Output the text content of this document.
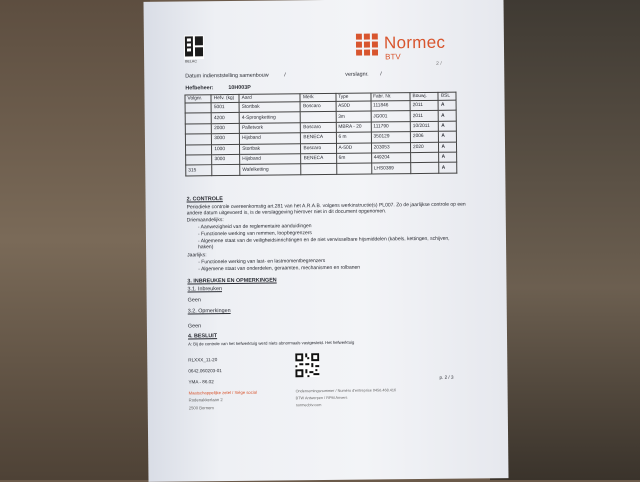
BELAC
Normec
BTV
2 /
Datum indienststelling samenbouw	/	verslagnr. /
Hefbeheer:	10H003P
Volgnr.	Hefv. (kg)	Aard	Merk	Type	Fabr. Nr.	Bouwj.	BSL
	5001	Stortbak	Boscaro	A50D	111846	2011	A
	4200	4-Sprongketting		3m	JG001	2011	A
	2000	Palletvork	Boscaro	MBRA - 20	111790	10/2011	A
	3000	Hijsband	BENECA	6 m	350129	2006	A
	1000	Stortbak	Boscaro	A-50D	203053	2020	A
	3000	Hijsband	BENECA	6m	449204		A
315		Wafelketting			LHS0389		A
2. CONTROLE
Periodieke controle overeenkomstig art.281 van het A.R.A.B. volgens werkinstructie(s) PL007. Zo de jaarlijkse controle op een andere datum uitgevoerd is, is de verslaggeving hierover niet in dit document opgenomen.
Driemaandelijks:
- Aanwezigheid van de reglementaire aanduidingen
- Functionele werking van remmen, loopbegrenzers
- Algemene staat van de veiligheidsinrichtingen en de niet verwisselbare hijsmiddelen (kabels, kettingen, schijven, haken)
Jaarlijks:
- Functionele werking van last- en lastmomentbegrenzers
- Algemene staat van onderdelen, geraamten, mechanismen en rolbanen
3. INBREUKEN EN OPMERKINGEN
3.1. Inbreuken
Geen
3.2. Opmerkingen
Geen
4. BESLUIT
A: Bij de controle van het hefwerktuig werd niets abnormaals vastgesteld. Het hefwerktuig
RLXXX_11-20
0642.060203-01
YMA - 86.02
p. 2 / 3
Maatschappelijke zetel / Siège social
Rodenakkerlaan 2
2500 Bornem
Ondernemingsnummer / Numéro d'entreprise 0456.468.416
BTW Antwerpen / RPM Anvers
normecbtv.com
